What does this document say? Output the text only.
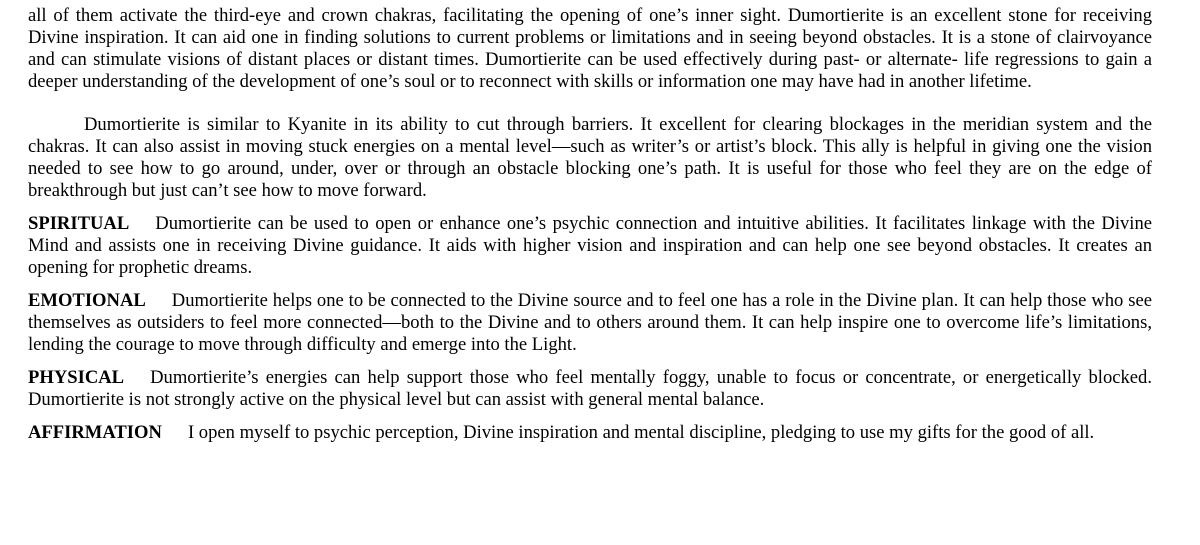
all of them activate the third-eye and crown chakras, facilitating the opening of one’s inner sight. Dumortierite is an excellent stone for receiving Divine inspiration. It can aid one in finding solutions to current problems or limitations and in seeing beyond obstacles. It is a stone of clairvoyance and can stimulate visions of distant places or distant times. Dumortierite can be used effectively during past- or alternate- life regressions to gain a deeper understanding of the development of one’s soul or to reconnect with skills or information one may have had in another lifetime.

Dumortierite is similar to Kyanite in its ability to cut through barriers. It excellent for clearing blockages in the meridian system and the chakras. It can also assist in moving stuck energies on a mental level—such as writer’s or artist’s block. This ally is helpful in giving one the vision needed to see how to go around, under, over or through an obstacle blocking one’s path. It is useful for those who feel they are on the edge of breakthrough but just can’t see how to move forward.

SPIRITUAL Dumortierite can be used to open or enhance one’s psychic connection and intuitive abilities. It facilitates linkage with the Divine Mind and assists one in receiving Divine guidance. It aids with higher vision and inspiration and can help one see beyond obstacles. It creates an opening for prophetic dreams.

EMOTIONAL Dumortierite helps one to be connected to the Divine source and to feel one has a role in the Divine plan. It can help those who see themselves as outsiders to feel more connected—both to the Divine and to others around them. It can help inspire one to overcome life’s limitations, lending the courage to move through difficulty and emerge into the Light.

PHYSICAL Dumortierite’s energies can help support those who feel mentally foggy, unable to focus or concentrate, or energetically blocked. Dumortierite is not strongly active on the physical level but can assist with general mental balance.

AFFIRMATION I open myself to psychic perception, Divine inspiration and mental discipline, pledging to use my gifts for the good of all.
